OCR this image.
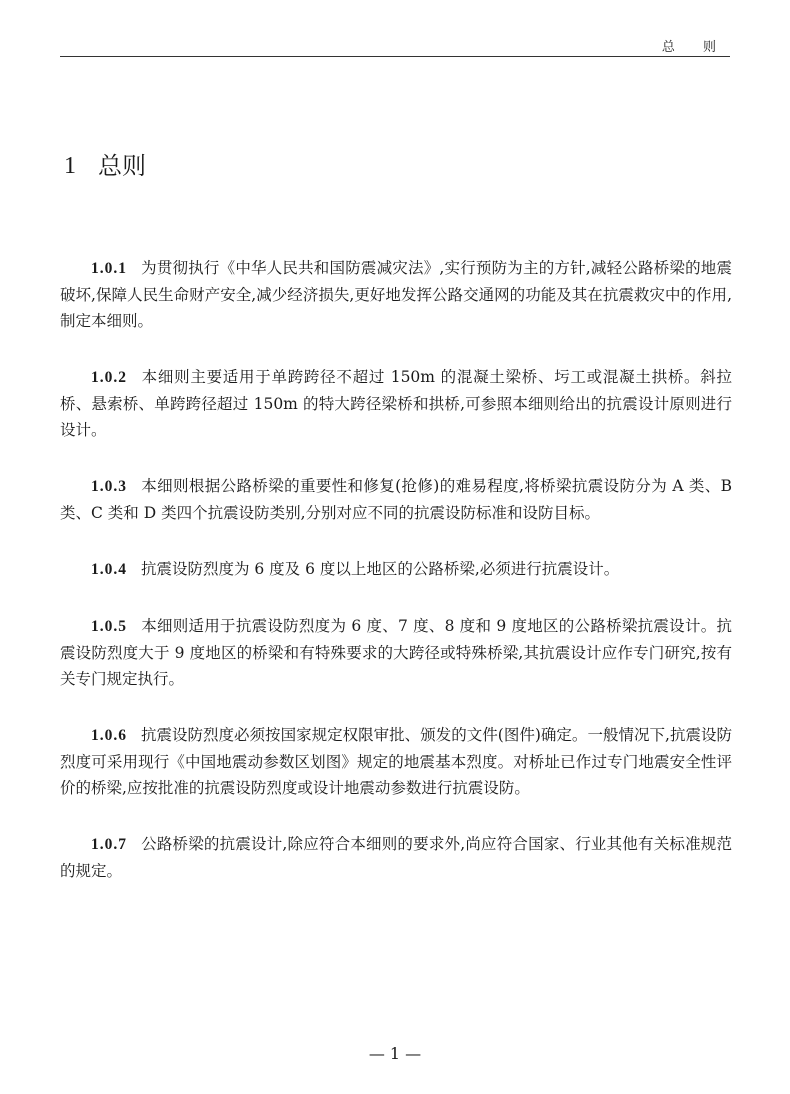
总 则
1 总则

1.0.1 为贯彻执行《中华人民共和国防震减灾法》,实行预防为主的方针,减轻公路桥梁的地震破坏,保障人民生命财产安全,减少经济损失,更好地发挥公路交通网的功能及其在抗震救灾中的作用,制定本细则。

1.0.2 本细则主要适用于单跨跨径不超过 150m 的混凝土梁桥、圬工或混凝土拱桥。斜拉桥、悬索桥、单跨跨径超过 150m 的特大跨径梁桥和拱桥,可参照本细则给出的抗震设计原则进行设计。

1.0.3 本细则根据公路桥梁的重要性和修复(抢修)的难易程度,将桥梁抗震设防分为 A 类、B 类、C 类和 D 类四个抗震设防类别,分别对应不同的抗震设防标准和设防目标。

1.0.4 抗震设防烈度为 6 度及 6 度以上地区的公路桥梁,必须进行抗震设计。

1.0.5 本细则适用于抗震设防烈度为 6 度、7 度、8 度和 9 度地区的公路桥梁抗震设计。抗震设防烈度大于 9 度地区的桥梁和有特殊要求的大跨径或特殊桥梁,其抗震设计应作专门研究,按有关专门规定执行。

1.0.6 抗震设防烈度必须按国家规定权限审批、颁发的文件(图件)确定。一般情况下,抗震设防烈度可采用现行《中国地震动参数区划图》规定的地震基本烈度。对桥址已作过专门地震安全性评价的桥梁,应按批准的抗震设防烈度或设计地震动参数进行抗震设防。

1.0.7 公路桥梁的抗震设计,除应符合本细则的要求外,尚应符合国家、行业其他有关标准规范的规定。

— 1 —
